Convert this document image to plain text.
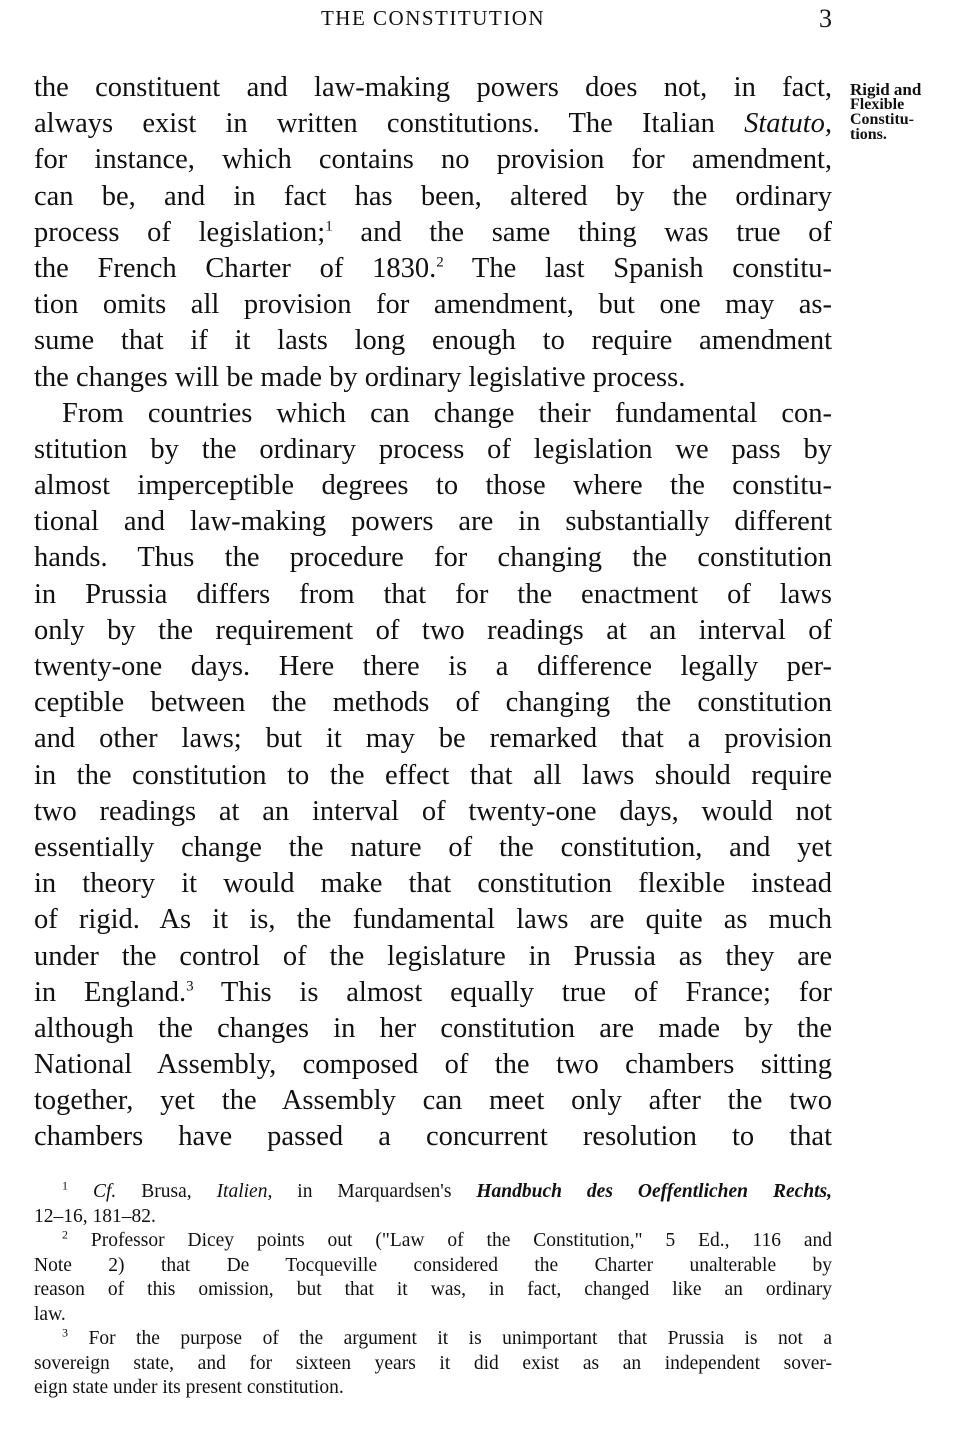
THE CONSTITUTION	3
Rigid and
Flexible
Constitu-
tions.
the constituent and law-making powers does not, in fact,
always exist in written constitutions. The Italian Statuto,
for instance, which contains no provision for amendment,
can be, and in fact has been, altered by the ordinary
process of legislation;$^1$ and the same thing was true of
the French Charter of 1830.$^2$ The last Spanish constitu-
tion omits all provision for amendment, but one may as-
sume that if it lasts long enough to require amendment
the changes will be made by ordinary legislative process.
From countries which can change their fundamental con-
stitution by the ordinary process of legislation we pass by
almost imperceptible degrees to those where the constitu-
tional and law-making powers are in substantially different
hands. Thus the procedure for changing the constitution
in Prussia differs from that for the enactment of laws
only by the requirement of two readings at an interval of
twenty-one days. Here there is a difference legally per-
ceptible between the methods of changing the constitution
and other laws; but it may be remarked that a provision
in the constitution to the effect that all laws should require
two readings at an interval of twenty-one days, would not
essentially change the nature of the constitution, and yet
in theory it would make that constitution flexible instead
of rigid. As it is, the fundamental laws are quite as much
under the control of the legislature in Prussia as they are
in England.$^3$ This is almost equally true of France; for
although the changes in her constitution are made by the
National Assembly, composed of the two chambers sitting
together, yet the Assembly can meet only after the two
chambers have passed a concurrent resolution to that
$^1$ Cf. Brusa, Italien, in Marquardsen's Handbuch des Oeffentlichen Rechts,
12–16, 181–82.
$^2$ Professor Dicey points out ("Law of the Constitution," 5 Ed., 116 and
Note 2) that De Tocqueville considered the Charter unalterable by
reason of this omission, but that it was, in fact, changed like an ordinary
law.
$^3$ For the purpose of the argument it is unimportant that Prussia is not a
sovereign state, and for sixteen years it did exist as an independent sover-
eign state under its present constitution.
